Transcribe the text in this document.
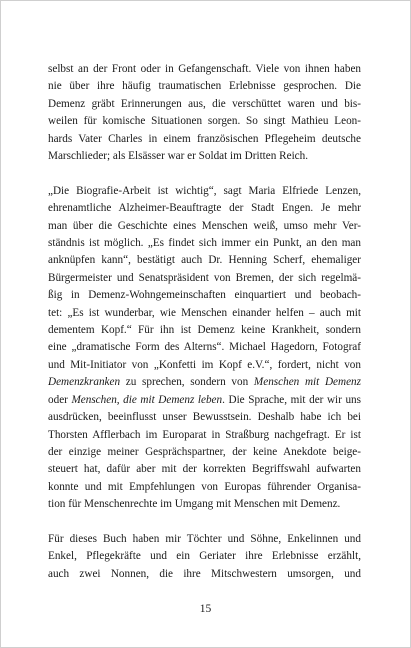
selbst an der Front oder in Gefangenschaft. Viele von ihnen haben
nie über ihre häufig traumatischen Erlebnisse gesprochen. Die
Demenz gräbt Erinnerungen aus, die verschüttet waren und bis-
weilen für komische Situationen sorgen. So singt Mathieu Leon-
hards Vater Charles in einem französischen Pflegeheim deutsche
Marschlieder; als Elsässer war er Soldat im Dritten Reich.

„Die Biografie-Arbeit ist wichtig“, sagt Maria Elfriede Lenzen,
ehrenamtliche Alzheimer-Beauftragte der Stadt Engen. Je mehr
man über die Geschichte eines Menschen weiß, umso mehr Ver-
ständnis ist möglich. „Es findet sich immer ein Punkt, an den man
anknüpfen kann“, bestätigt auch Dr. Henning Scherf, ehemaliger
Bürgermeister und Senatspräsident von Bremen, der sich regelmä-
ßig in Demenz-Wohngemeinschaften einquartiert und beobach-
tet: „Es ist wunderbar, wie Menschen einander helfen – auch mit
dementem Kopf.“ Für ihn ist Demenz keine Krankheit, sondern
eine „dramatische Form des Alterns“. Michael Hagedorn, Fotograf
und Mit-Initiator von „Konfetti im Kopf e.V.“, fordert, nicht von
Demenzkranken zu sprechen, sondern von Menschen mit Demenz
oder Menschen, die mit Demenz leben. Die Sprache, mit der wir uns
ausdrücken, beeinflusst unser Bewusstsein. Deshalb habe ich bei
Thorsten Afflerbach im Europarat in Straßburg nachgefragt. Er ist
der einzige meiner Gesprächspartner, der keine Anekdote beige-
steuert hat, dafür aber mit der korrekten Begriffswahl aufwarten
konnte und mit Empfehlungen von Europas führender Organisa-
tion für Menschenrechte im Umgang mit Menschen mit Demenz.

Für dieses Buch haben mir Töchter und Söhne, Enkelinnen und
Enkel, Pflegekräfte und ein Geriater ihre Erlebnisse erzählt,
auch zwei Nonnen, die ihre Mitschwestern umsorgen, und

15
